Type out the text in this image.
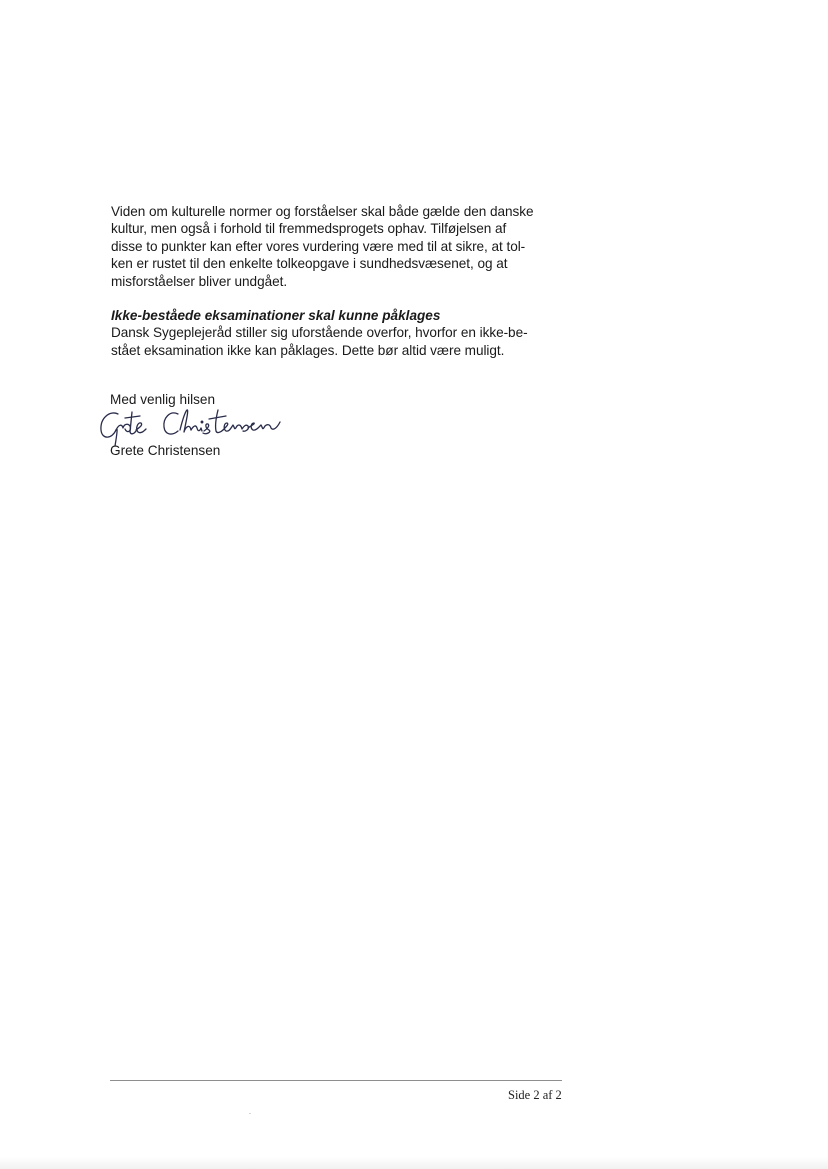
Viden om kulturelle normer og forståelser skal både gælde den danske
kultur, men også i forhold til fremmedsprogets ophav. Tilføjelsen af
disse to punkter kan efter vores vurdering være med til at sikre, at tol-
ken er rustet til den enkelte tolkeopgave i sundhedsvæsenet, og at
misforståelser bliver undgået.

Ikke-beståede eksaminationer skal kunne påklages

Dansk Sygeplejeråd stiller sig uforstående overfor, hvorfor en ikke-be-
stået eksamination ikke kan påklages. Dette bør altid være muligt.

Med venlig hilsen

Grete Christensen

Side 2 af 2
